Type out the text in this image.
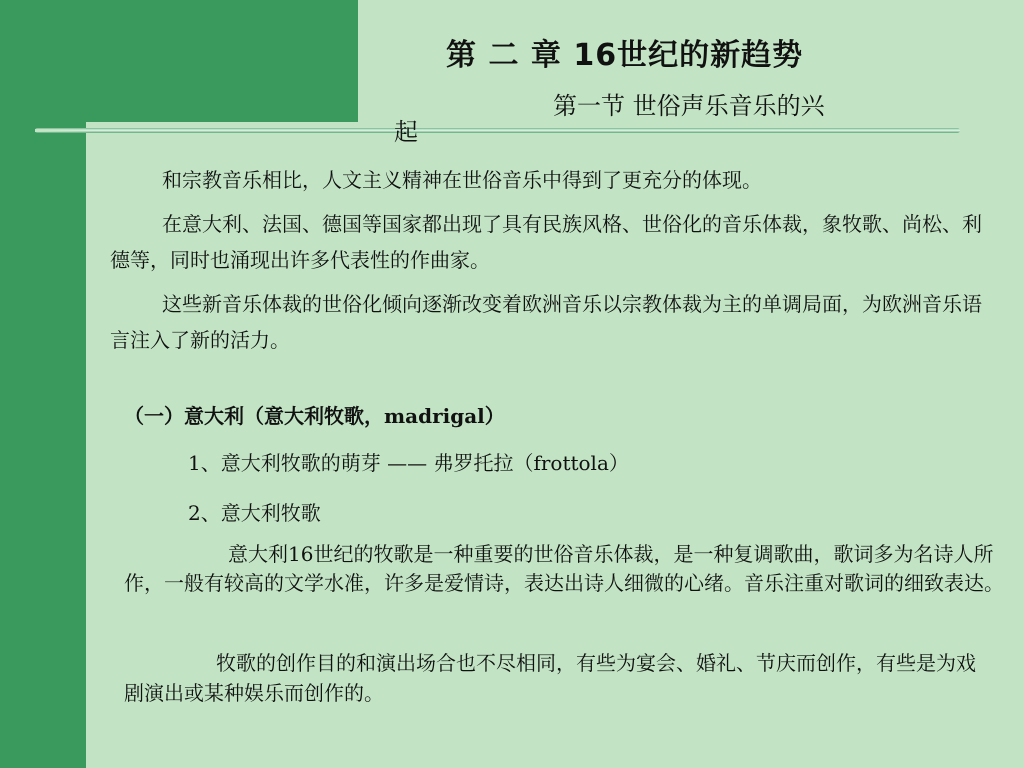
第 二 章 16世纪的新趋势

第一节 世俗声乐音乐的兴

起

和宗教音乐相比，人文主义精神在世俗音乐中得到了更充分的体现。

在意大利、法国、德国等国家都出现了具有民族风格、世俗化的音乐体裁，象牧歌、尚松、利德等，同时也涌现出许多代表性的作曲家。

这些新音乐体裁的世俗化倾向逐渐改变着欧洲音乐以宗教体裁为主的单调局面，为欧洲音乐语言注入了新的活力。

（一）意大利（意大利牧歌，madrigal）

1、意大利牧歌的萌芽 —— 弗罗托拉（frottola）

2、意大利牧歌

意大利16世纪的牧歌是一种重要的世俗音乐体裁，是一种复调歌曲，歌词多为名诗人所作，一般有较高的文学水准，许多是爱情诗，表达出诗人细微的心绪。音乐注重对歌词的细致表达。

牧歌的创作目的和演出场合也不尽相同，有些为宴会、婚礼、节庆而创作，有些是为戏剧演出或某种娱乐而创作的。
